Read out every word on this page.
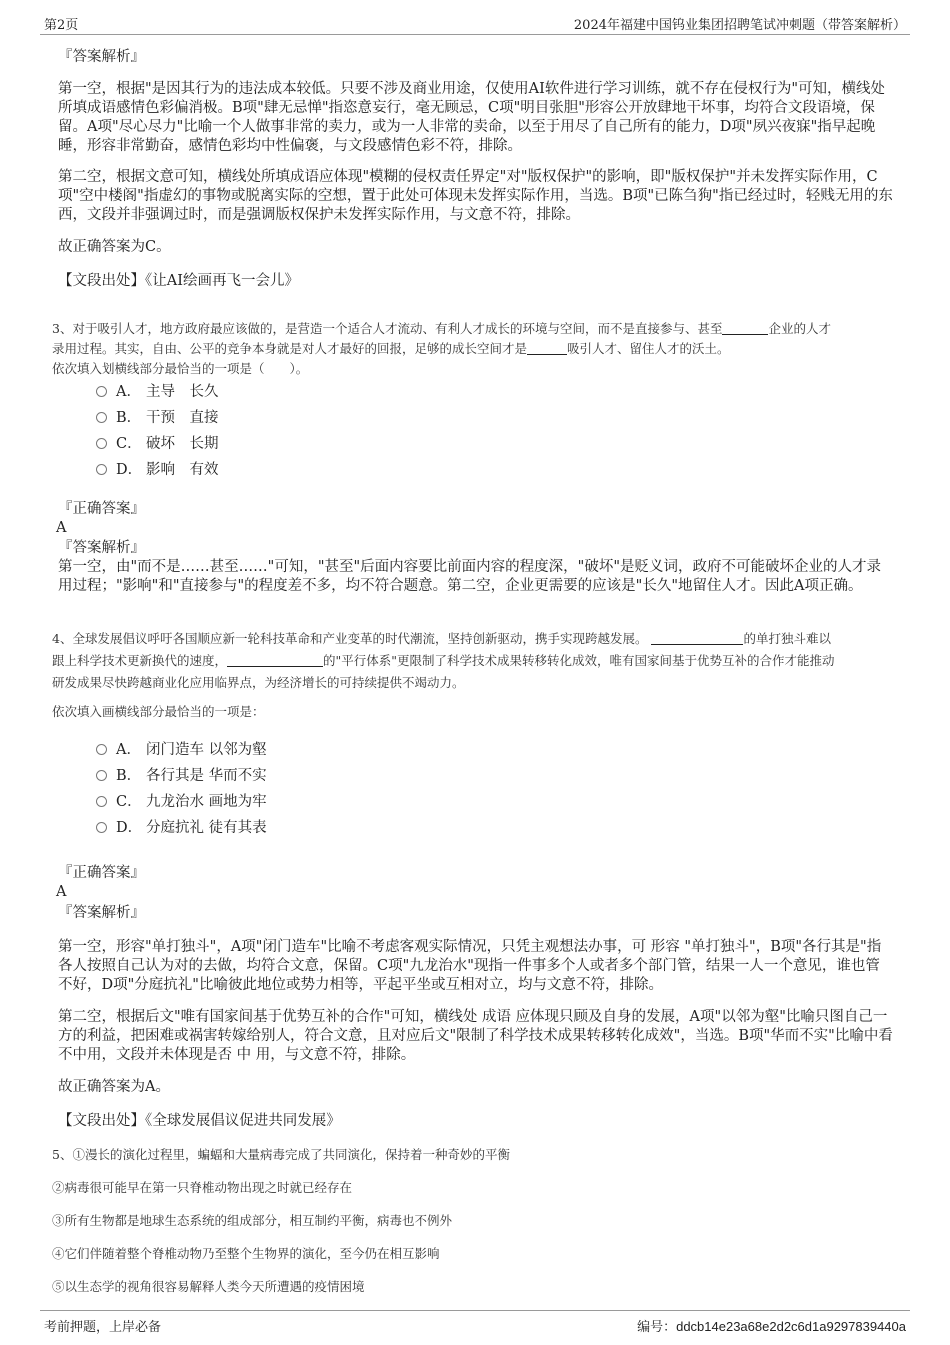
第2页	2024年福建中国钨业集团招聘笔试冲刺题（带答案解析）
『答案解析』
第一空，根据"是因其行为的违法成本较低。只要不涉及商业用途，仅使用AI软件进行学习训练，就不存在侵权行为"可知，横线处所填成语感情色彩偏消极。B项"肆无忌惮"指恣意妄行，毫无顾忌，C项"明目张胆"形容公开放肆地干坏事，均符合文段语境，保留。A项"尽心尽力"比喻一个人做事非常的卖力，或为一人非常的卖命，以至于用尽了自己所有的能力，D项"夙兴夜寐"指早起晚睡，形容非常勤奋，感情色彩均中性偏褒，与文段感情色彩不符，排除。
第二空，根据文意可知，横线处所填成语应体现"模糊的侵权责任界定"对"版权保护"的影响，即"版权保护"并未发挥实际作用，C项"空中楼阁"指虚幻的事物或脱离实际的空想，置于此处可体现未发挥实际作用，当选。B项"已陈刍狗"指已经过时，轻贱无用的东西，文段并非强调过时，而是强调版权保护未发挥实际作用，与文意不符，排除。
故正确答案为C。
【文段出处】《让AI绘画再飞一会儿》
3、对于吸引人才，地方政府最应该做的，是营造一个适合人才流动、有利人才成长的环境与空间，而不是直接参与、甚至	企业的人才
录用过程。其实，自由、公平的竞争本身就是对人才最好的回报，足够的成长空间才是	吸引人才、留住人才的沃土。
依次填入划横线部分最恰当的一项是（　　）。
A． 主导　长久
B． 干预　直接
C． 破坏　长期
D． 影响　有效
『正确答案』
A
『答案解析』
第一空，由"而不是……甚至……"可知，"甚至"后面内容要比前面内容的程度深，"破坏"是贬义词，政府不可能破坏企业的人才录用过程；"影响"和"直接参与"的程度差不多，均不符合题意。第二空，企业更需要的应该是"长久"地留住人才。因此A项正确。
4、全球发展倡议呼吁各国顺应新一轮科技革命和产业变革的时代潮流，坚持创新驱动，携手实现跨越发展。	的单打独斗难以
跟上科学技术更新换代的速度，	的"平行体系"更限制了科学技术成果转移转化成效，唯有国家间基于优势互补的合作才能推动
研发成果尽快跨越商业化应用临界点，为经济增长的可持续提供不竭动力。
依次填入画横线部分最恰当的一项是：
A． 闭门造车 以邻为壑
B． 各行其是 华而不实
C． 九龙治水 画地为牢
D． 分庭抗礼 徒有其表
『正确答案』
A
『答案解析』
第一空，形容"单打独斗"，A项"闭门造车"比喻不考虑客观实际情况，只凭主观想法办事，可 形容 "单打独斗"，B项"各行其是"指各人按照自己认为对的去做，均符合文意，保留。C项"九龙治水"现指一件事多个人或者多个部门管，结果一人一个意见，谁也管不好，D项"分庭抗礼"比喻彼此地位或势力相等，平起平坐或互相对立，均与文意不符，排除。
第二空，根据后文"唯有国家间基于优势互补的合作"可知，横线处 成语 应体现只顾及自身的发展，A项"以邻为壑"比喻只图自己一方的利益，把困难或祸害转嫁给别人，符合文意，且对应后文"限制了科学技术成果转移转化成效"，当选。B项"华而不实"比喻中看不中用，文段并未体现是否 中 用，与文意不符，排除。
故正确答案为A。
【文段出处】《全球发展倡议促进共同发展》
5、①漫长的演化过程里，蝙蝠和大量病毒完成了共同演化，保持着一种奇妙的平衡
②病毒很可能早在第一只脊椎动物出现之时就已经存在
③所有生物都是地球生态系统的组成部分，相互制约平衡，病毒也不例外
④它们伴随着整个脊椎动物乃至整个生物界的演化，至今仍在相互影响
⑤以生态学的视角很容易解释人类今天所遭遇的疫情困境
考前押题，上岸必备	编号：ddcb14e23a68e2d2c6d1a9297839440a
